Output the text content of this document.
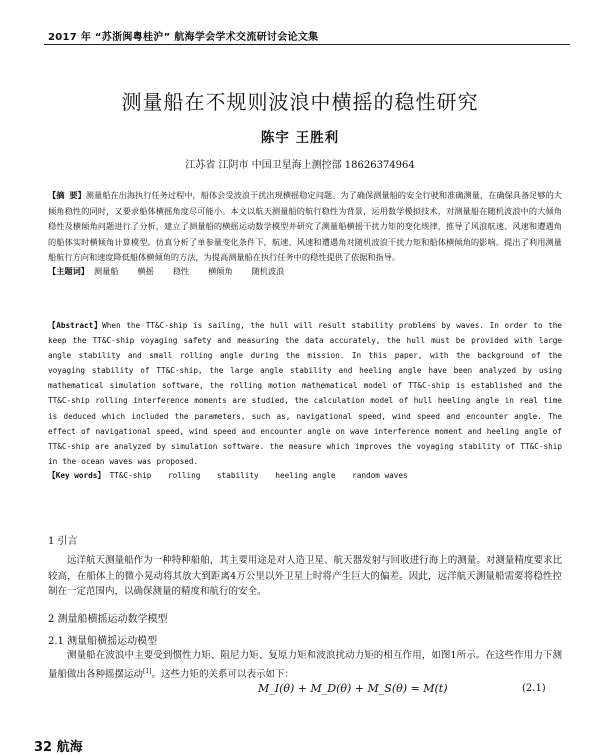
2017 年 “苏浙闽粤桂沪” 航海学会学术交流研讨会论文集
测量船在不规则波浪中横摇的稳性研究
陈宇 王胜利
江苏省 江阴市 中国卫星海上测控部 18626374964
【摘 要】测量船在出海执行任务过程中，船体会受波浪干扰出现横摇稳定问题。为了确保测量船的安全行驶和准确测量，在确保具备足够的大倾角稳性的同时，又要求船体横摇角度尽可能小。本文以航天测量船的航行稳性为背景，运用数学模拟技术，对测量船在随机波浪中的大倾角稳性及横倾角问题进行了分析，建立了测量船的横摇运动数学模型并研究了测量船横摇干扰力矩的变化规律，推导了风浪航速、风速和遭遇角的船体实时横倾角计算模型。仿真分析了单参量变化条件下，航速、风速和遭遇角对随机波浪干扰力矩和船体横倾角的影响。提出了利用测量船航行方向和速度降低船体横倾角的方法，为提高测量船在执行任务中的稳性提供了依据和指导。
【主题词】 测量船 横摇 稳性 横倾角 随机波浪
【Abstract】When the TT&C-ship is sailing, the hull will result stability problems by waves. In order to the keep the TT&C-ship voyaging safety and measuring the data accurately, the hull must be provided with large angle stability and small rolling angle during the mission. In this paper, with the background of the voyaging stability of TT&C-ship, the large angle stability and heeling angle have been analyzed by using mathematical simulation software, the rolling motion mathematical model of TT&C-ship is established and the TT&C-ship rolling interference moments are studied, the calculation model of hull heeling angle in real time is deduced which included the parameters, such as, navigational speed, wind speed and encounter angle. The effect of navigational speed, wind speed and encounter angle on wave interference moment and heeling angle of TT&C-ship are analyzed by simulation software. the measure which improves the voyaging stability of TT&C-ship in the ocean waves was proposed.
【Key words】 TT&C-ship rolling stability heeling angle random waves
1 引言
远洋航天测量船作为一种特种船舶，其主要用途是对人造卫星、航天器发射与回收进行海上的测量。对测量精度要求比较高，在船体上的微小晃动将其放大到距离4万公里以外卫星上时将产生巨大的偏差。因此，远洋航天测量船需要将稳性控制在一定范围内，以确保测量的精度和航行的安全。
2 测量船横摇运动数学模型
2.1 测量船横摇运动模型
测量船在波浪中主要受到惯性力矩、阻尼力矩、复原力矩和波浪扰动力矩的相互作用，如图1所示。在这些作用力下测量船做出各种摇摆运动[1]。这些力矩的关系可以表示如下：
M_I(θ) + M_D(θ) + M_S(θ) = M(t)	(2.1)
32 航海
